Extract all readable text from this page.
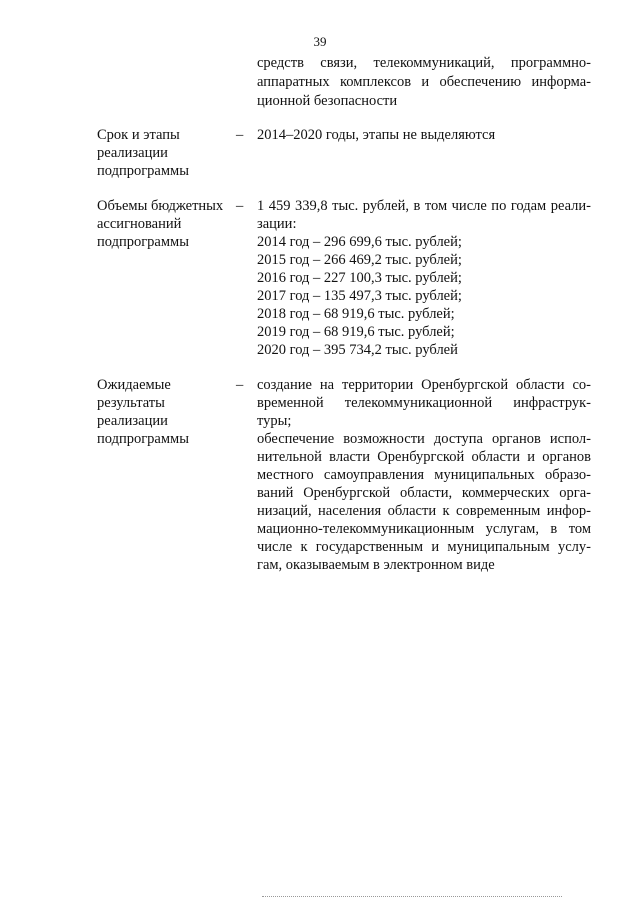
39
средств связи, телекоммуникаций, программно-
аппаратных комплексов и обеспечению информа-
ционной безопасности
Срок и этапы
реализации
подпрограммы
– 2014–2020 годы, этапы не выделяются
Объемы бюджетных
ассигнований
подпрограммы
– 1 459 339,8 тыс. рублей, в том числе по годам реали-
зации:
2014 год – 296 699,6 тыс. рублей;
2015 год – 266 469,2 тыс. рублей;
2016 год – 227 100,3 тыс. рублей;
2017 год – 135 497,3 тыс. рублей;
2018 год – 68 919,6 тыс. рублей;
2019 год – 68 919,6 тыс. рублей;
2020 год – 395 734,2 тыс. рублей
Ожидаемые
результаты
реализации
подпрограммы
– создание на территории Оренбургской области со-
временной телекоммуникационной инфраструк-
туры;
обеспечение возможности доступа органов испол-
нительной власти Оренбургской области и органов
местного самоуправления муниципальных образо-
ваний Оренбургской области, коммерческих орга-
низаций, населения области к современным инфор-
мационно-телекоммуникационным услугам, в том
числе к государственным и муниципальным услу-
гам, оказываемым в электронном виде
